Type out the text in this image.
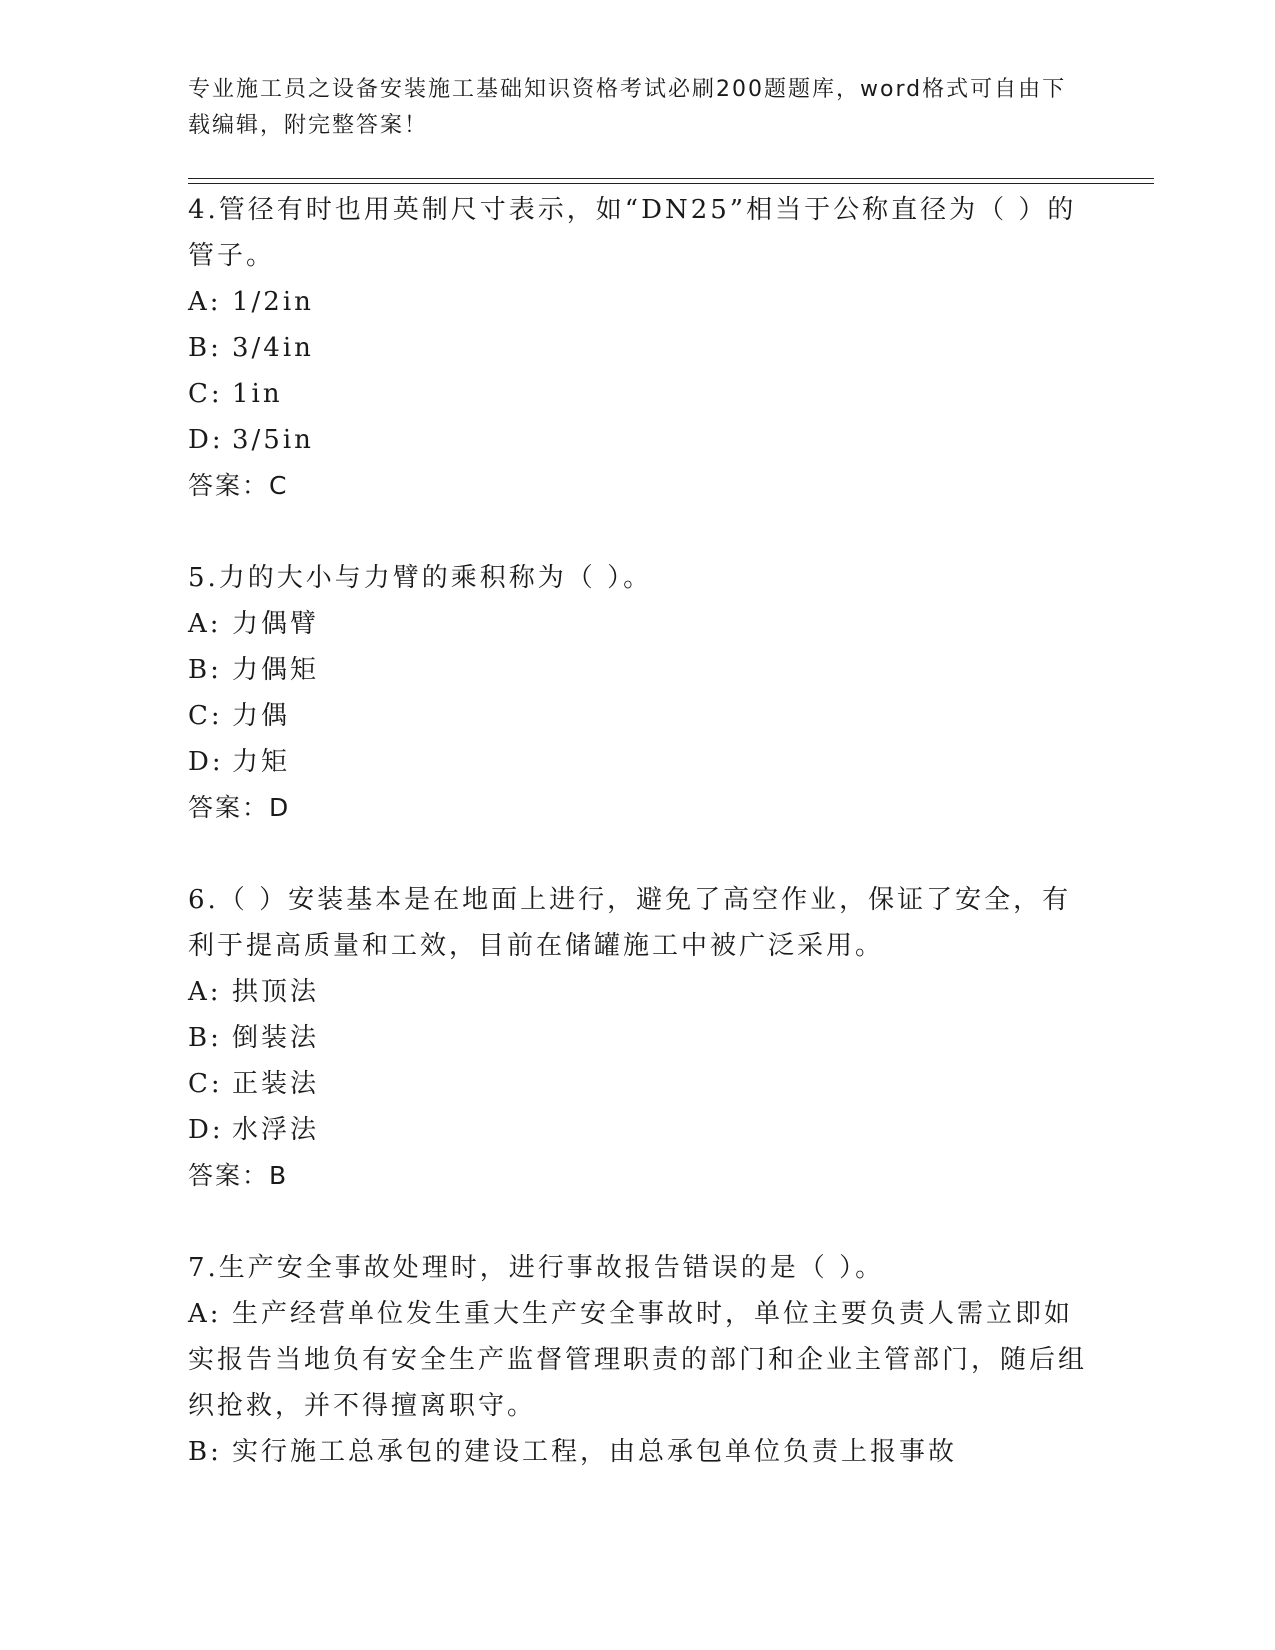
专业施工员之设备安装施工基础知识资格考试必刷200题题库，word格式可自由下载编辑，附完整答案！

4.管径有时也用英制尺寸表示，如“DN25”相当于公称直径为（ ）的管子。

A: 1/2in

B: 3/4in

C: 1in

D: 3/5in

答案：C

5.力的大小与力臂的乘积称为（ ）。

A: 力偶臂

B: 力偶矩

C: 力偶

D: 力矩

答案：D

6.（ ）安装基本是在地面上进行，避免了高空作业，保证了安全，有利于提高质量和工效，目前在储罐施工中被广泛采用。

A: 拱顶法

B: 倒装法

C: 正装法

D: 水浮法

答案：B

7.生产安全事故处理时，进行事故报告错误的是（ ）。

A: 生产经营单位发生重大生产安全事故时，单位主要负责人需立即如实报告当地负有安全生产监督管理职责的部门和企业主管部门，随后组织抢救，并不得擅离职守。

B: 实行施工总承包的建设工程，由总承包单位负责上报事故
